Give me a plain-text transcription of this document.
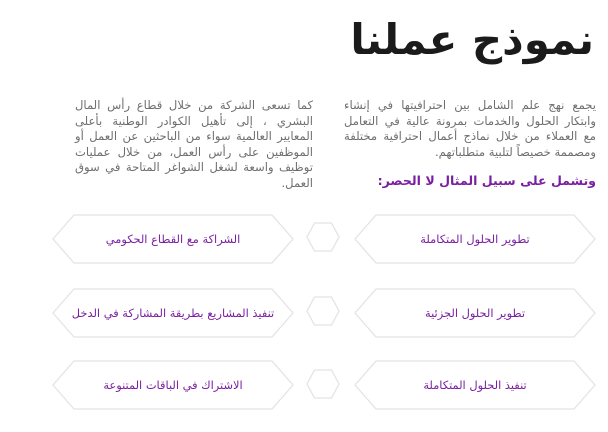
نموذج عملنا

يجمع نهج علم الشامل بين احترافيتها في إنشاء وابتكار الحلول والخدمات بمرونة عالية في التعامل مع العملاء من خلال نماذج أعمال احترافية مختلفة ومصممة خصيصاً لتلبية متطلباتهم.

كما تسعى الشركة من خلال قطاع رأس المال البشري ، إلى تأهيل الكوادر الوطنية بأعلى المعايير العالمية سواء من الباحثين عن العمل أو الموظفين على رأس العمل، من خلال عمليات توظيف واسعة لشغل الشواغر المتاحة في سوق العمل.	وتشمل على سبيل المثال لا الحصر:

تطوير الحلول المتكاملة
تطوير الحلول الجزئية
تنفيذ الحلول المتكاملة
الشراكة مع القطاع الحكومي
تنفيذ المشاريع بطريقة المشاركة في الدخل
الاشتراك في الباقات المتنوعة
